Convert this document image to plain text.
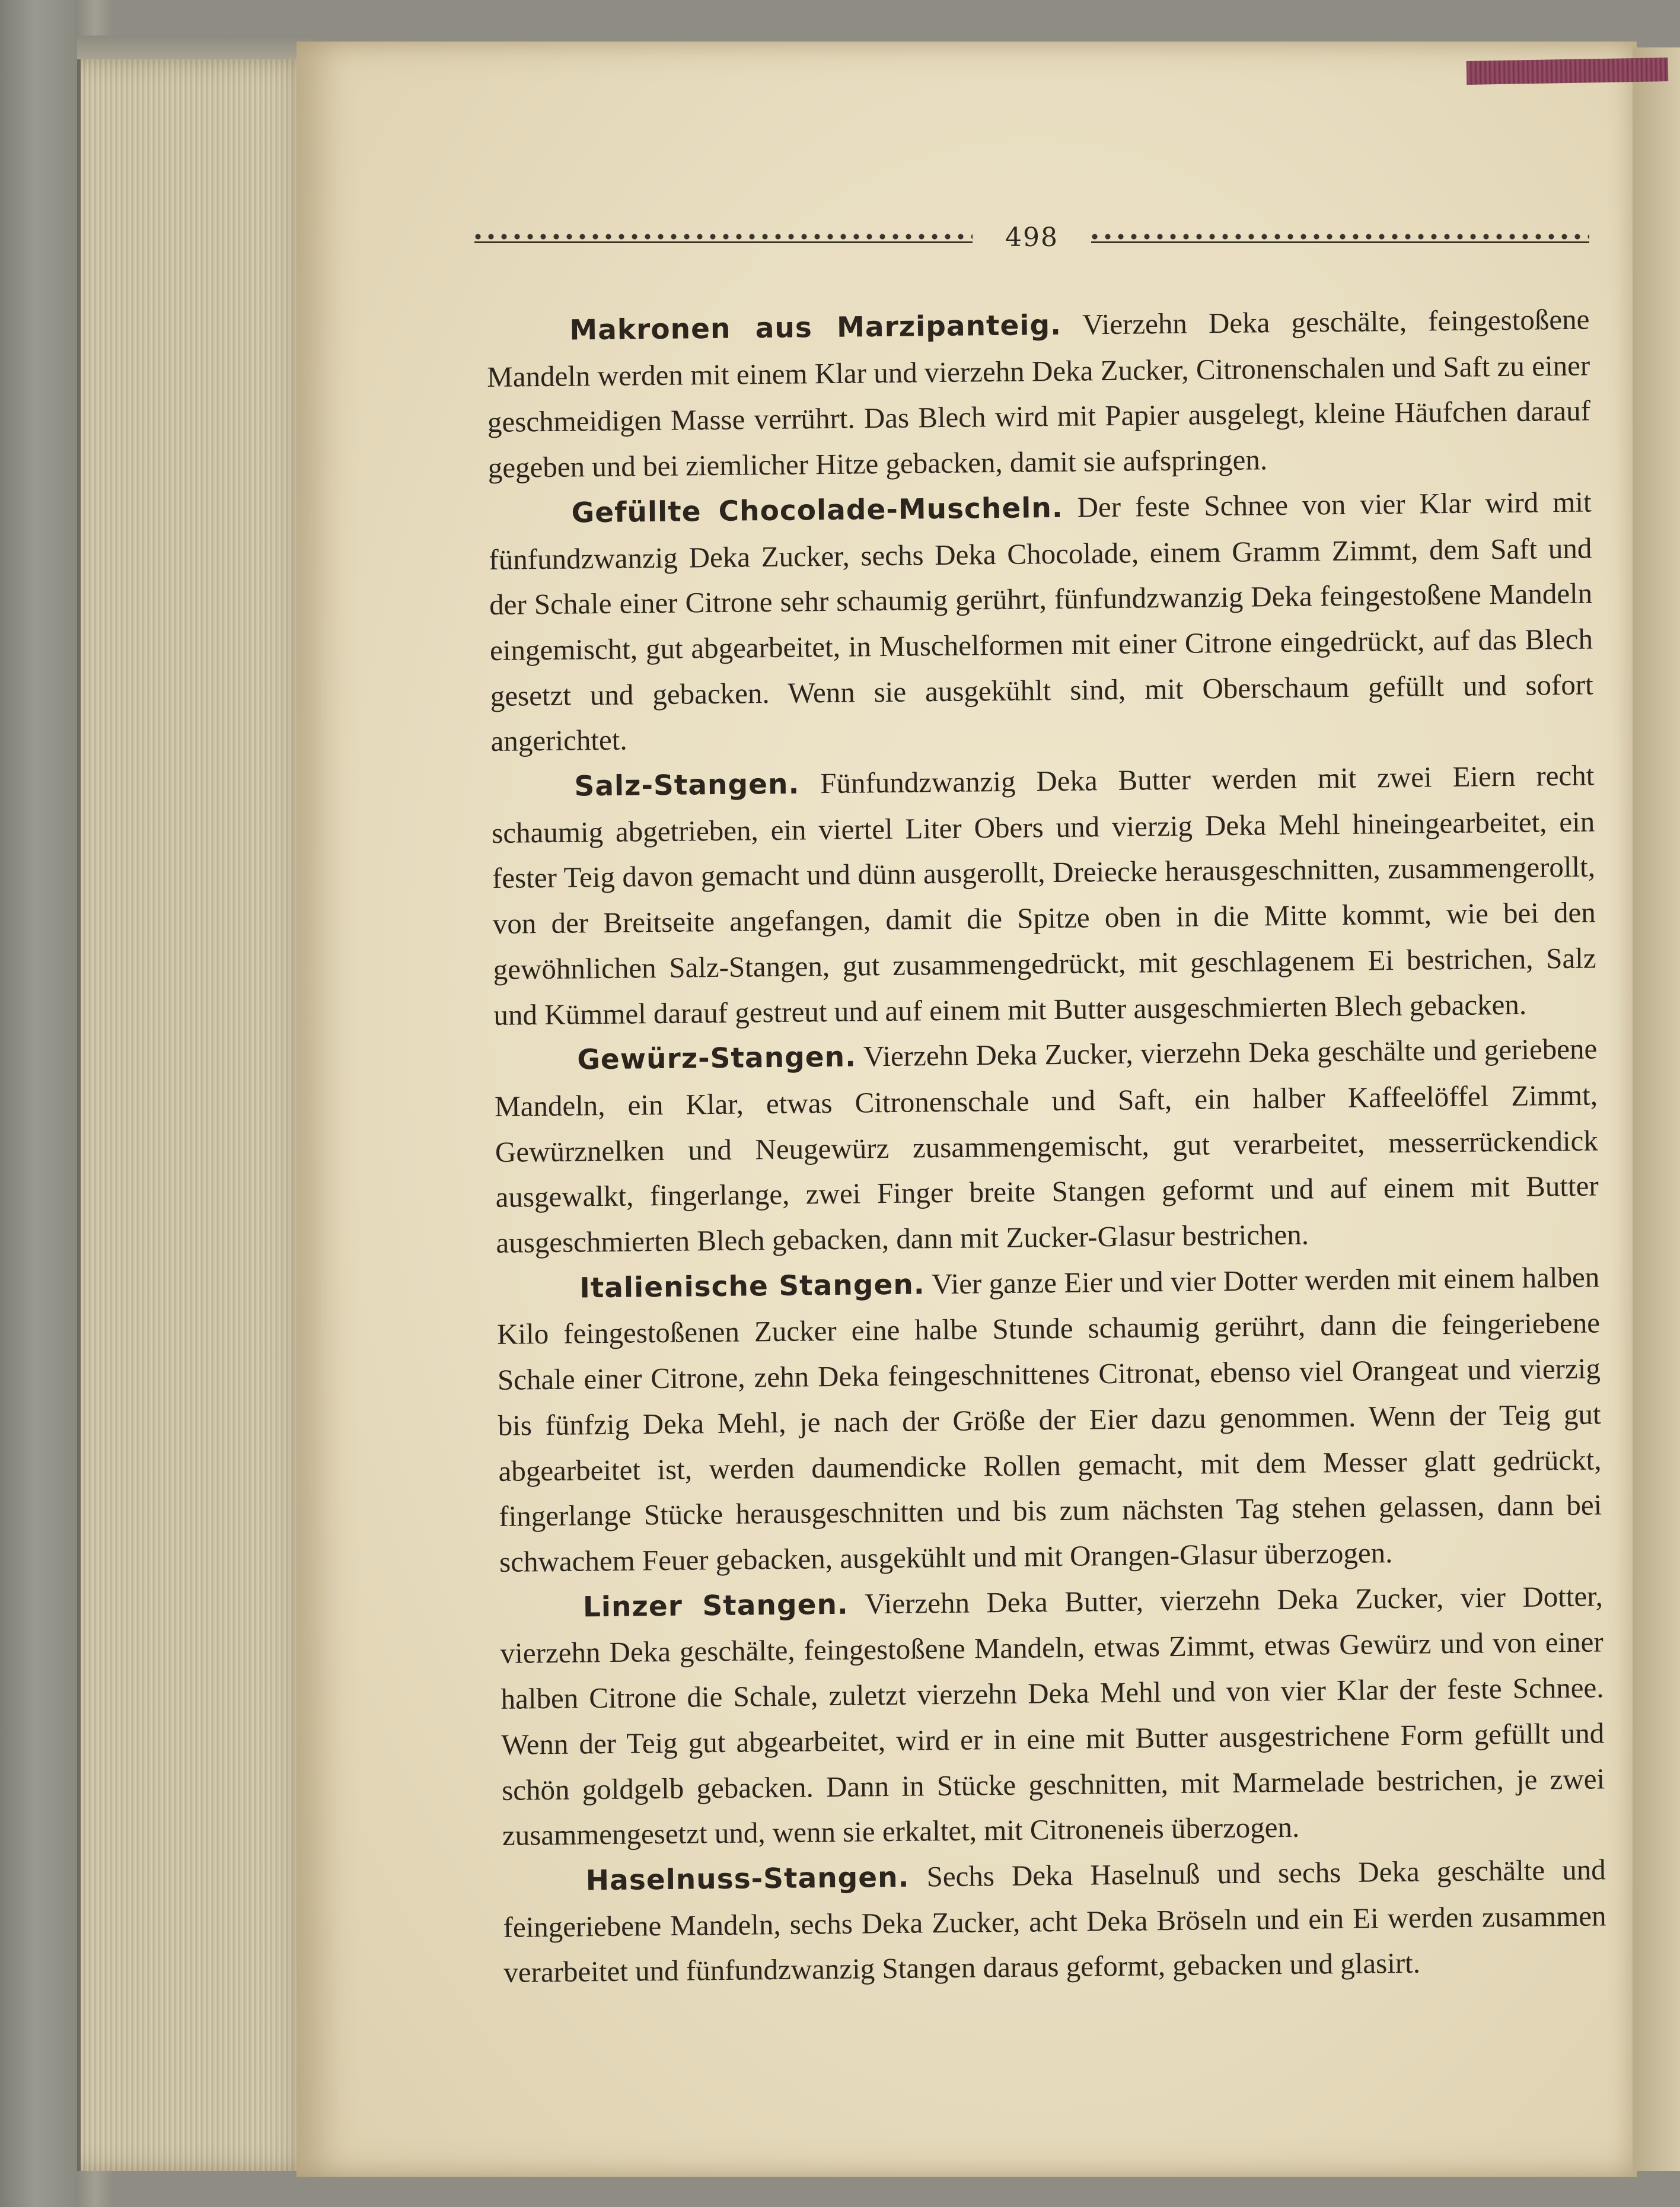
498

Makronen aus Marzipanteig. Vierzehn Deka geschälte, feingestoßene Mandeln werden mit einem Klar und vierzehn Deka Zucker, Citronenschalen und Saft zu einer geschmeidigen Masse verrührt. Das Blech wird mit Papier ausgelegt, kleine Häufchen darauf gegeben und bei ziemlicher Hitze gebacken, damit sie aufspringen.

Gefüllte Chocolade-Muscheln. Der feste Schnee von vier Klar wird mit fünfundzwanzig Deka Zucker, sechs Deka Chocolade, einem Gramm Zimmt, dem Saft und der Schale einer Citrone sehr schaumig gerührt, fünfundzwanzig Deka feingestoßene Mandeln eingemischt, gut abgearbeitet, in Muschelformen mit einer Citrone eingedrückt, auf das Blech gesetzt und gebacken. Wenn sie ausgekühlt sind, mit Oberschaum gefüllt und sofort angerichtet.

Salz-Stangen. Fünfundzwanzig Deka Butter werden mit zwei Eiern recht schaumig abgetrieben, ein viertel Liter Obers und vierzig Deka Mehl hineingearbeitet, ein fester Teig davon gemacht und dünn ausgerollt, Dreiecke herausgeschnitten, zusammengerollt, von der Breitseite angefangen, damit die Spitze oben in die Mitte kommt, wie bei den gewöhnlichen Salz-Stangen, gut zusammengedrückt, mit geschlagenem Ei bestrichen, Salz und Kümmel darauf gestreut und auf einem mit Butter ausgeschmierten Blech gebacken.

Gewürz-Stangen. Vierzehn Deka Zucker, vierzehn Deka geschälte und geriebene Mandeln, ein Klar, etwas Citronenschale und Saft, ein halber Kaffeelöffel Zimmt, Gewürznelken und Neugewürz zusammengemischt, gut verarbeitet, messerrückendick ausgewalkt, fingerlange, zwei Finger breite Stangen geformt und auf einem mit Butter ausgeschmierten Blech gebacken, dann mit Zucker-Glasur bestrichen.

Italienische Stangen. Vier ganze Eier und vier Dotter werden mit einem halben Kilo feingestoßenen Zucker eine halbe Stunde schaumig gerührt, dann die feingeriebene Schale einer Citrone, zehn Deka feingeschnittenes Citronat, ebenso viel Orangeat und vierzig bis fünfzig Deka Mehl, je nach der Größe der Eier dazu genommen. Wenn der Teig gut abgearbeitet ist, werden daumendicke Rollen gemacht, mit dem Messer glatt gedrückt, fingerlange Stücke herausgeschnitten und bis zum nächsten Tag stehen gelassen, dann bei schwachem Feuer gebacken, ausgekühlt und mit Orangen-Glasur überzogen.

Linzer Stangen. Vierzehn Deka Butter, vierzehn Deka Zucker, vier Dotter, vierzehn Deka geschälte, feingestoßene Mandeln, etwas Zimmt, etwas Gewürz und von einer halben Citrone die Schale, zuletzt vierzehn Deka Mehl und von vier Klar der feste Schnee. Wenn der Teig gut abgearbeitet, wird er in eine mit Butter ausgestrichene Form gefüllt und schön goldgelb gebacken. Dann in Stücke geschnitten, mit Marmelade bestrichen, je zwei zusammengesetzt und, wenn sie erkaltet, mit Citroneneis überzogen.

Haselnuss-Stangen. Sechs Deka Haselnuß und sechs Deka geschälte und feingeriebene Mandeln, sechs Deka Zucker, acht Deka Bröseln und ein Ei werden zusammen verarbeitet und fünfundzwanzig Stangen daraus geformt, gebacken und glasirt.
